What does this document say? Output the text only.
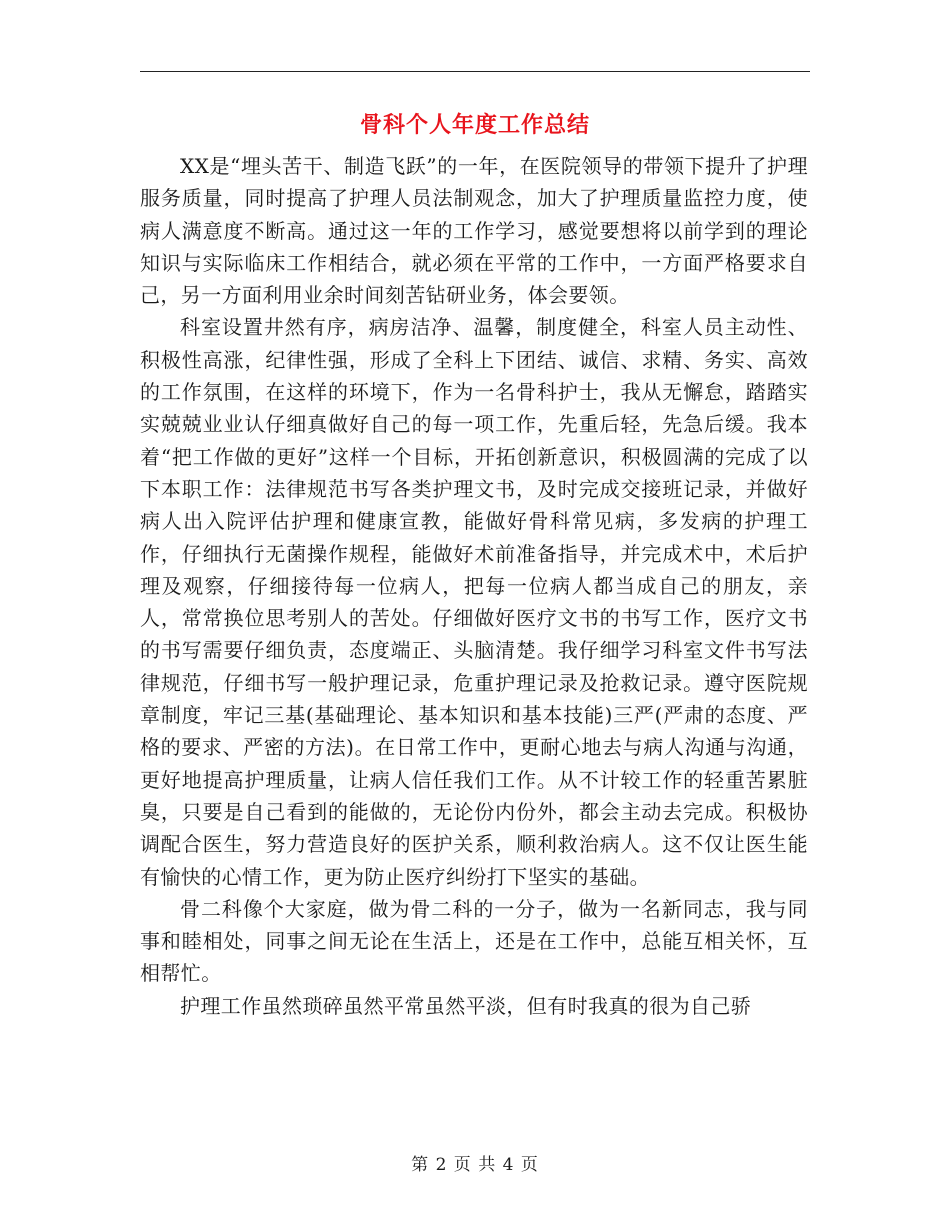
骨科个人年度工作总结

XX是“埋头苦干、制造飞跃”的一年，在医院领导的带领下提升了护理服务质量，同时提高了护理人员法制观念，加大了护理质量监控力度，使病人满意度不断高。通过这一年的工作学习，感觉要想将以前学到的理论知识与实际临床工作相结合，就必须在平常的工作中，一方面严格要求自己，另一方面利用业余时间刻苦钻研业务，体会要领。

科室设置井然有序，病房洁净、温馨，制度健全，科室人员主动性、积极性高涨，纪律性强，形成了全科上下团结、诚信、求精、务实、高效的工作氛围，在这样的环境下，作为一名骨科护士，我从无懈怠，踏踏实实兢兢业业认仔细真做好自己的每一项工作，先重后轻，先急后缓。我本着“把工作做的更好”这样一个目标，开拓创新意识，积极圆满的完成了以下本职工作：法律规范书写各类护理文书，及时完成交接班记录，并做好病人出入院评估护理和健康宣教，能做好骨科常见病，多发病的护理工作，仔细执行无菌操作规程，能做好术前准备指导，并完成术中，术后护理及观察，仔细接待每一位病人，把每一位病人都当成自己的朋友，亲人，常常换位思考别人的苦处。仔细做好医疗文书的书写工作，医疗文书的书写需要仔细负责，态度端正、头脑清楚。我仔细学习科室文件书写法律规范，仔细书写一般护理记录，危重护理记录及抢救记录。遵守医院规章制度，牢记三基(基础理论、基本知识和基本技能)三严(严肃的态度、严格的要求、严密的方法)。在日常工作中，更耐心地去与病人沟通与沟通，更好地提高护理质量，让病人信任我们工作。从不计较工作的轻重苦累脏臭，只要是自己看到的能做的，无论份内份外，都会主动去完成。积极协调配合医生，努力营造良好的医护关系，顺利救治病人。这不仅让医生能有愉快的心情工作，更为防止医疗纠纷打下坚实的基础。

骨二科像个大家庭，做为骨二科的一分子，做为一名新同志，我与同事和睦相处，同事之间无论在生活上，还是在工作中，总能互相关怀，互相帮忙。

护理工作虽然琐碎虽然平常虽然平淡，但有时我真的很为自己骄

第 2 页 共 4 页
